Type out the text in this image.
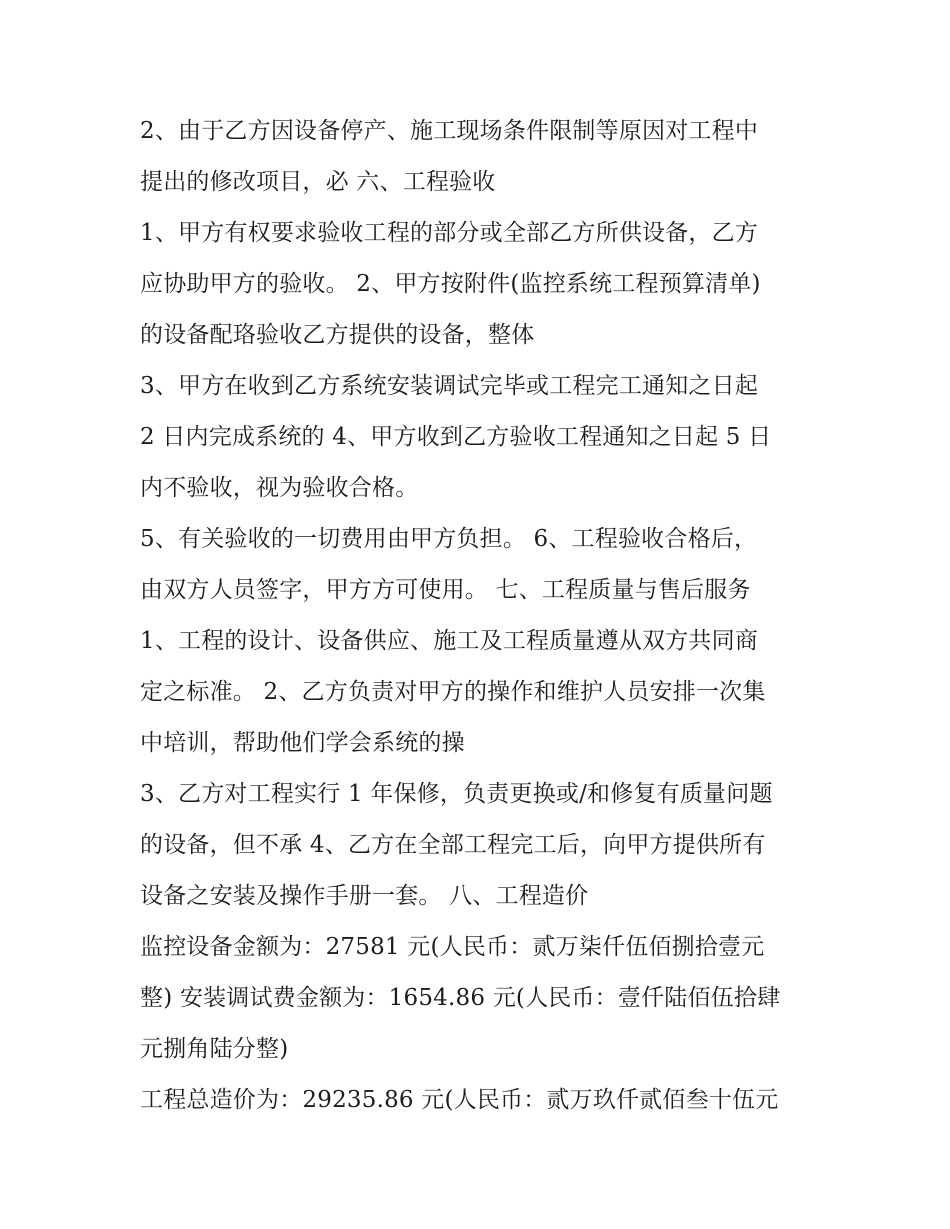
2、由于乙方因设备停产、施工现场条件限制等原因对工程中
提出的修改项目，必 六、工程验收
1、甲方有权要求验收工程的部分或全部乙方所供设备，乙方
应协助甲方的验收。 2、甲方按附件(监控系统工程预算清单)
的设备配珞验收乙方提供的设备，整体
3、甲方在收到乙方系统安装调试完毕或工程完工通知之日起
2 日内完成系统的 4、甲方收到乙方验收工程通知之日起 5 日
内不验收，视为验收合格。
5、有关验收的一切费用由甲方负担。 6、工程验收合格后，
由双方人员签字，甲方方可使用。 七、工程质量与售后服务
1、工程的设计、设备供应、施工及工程质量遵从双方共同商
定之标准。 2、乙方负责对甲方的操作和维护人员安排一次集
中培训，帮助他们学会系统的操
3、乙方对工程实行 1 年保修，负责更换或/和修复有质量问题
的设备，但不承 4、乙方在全部工程完工后，向甲方提供所有
设备之安装及操作手册一套。 八、工程造价
监控设备金额为：27581 元(人民币：贰万柒仟伍佰捌拾壹元
整) 安装调试费金额为：1654.86 元(人民币：壹仟陆佰伍拾肆
元捌角陆分整)
工程总造价为：29235.86 元(人民币：贰万玖仟贰佰叁十伍元
